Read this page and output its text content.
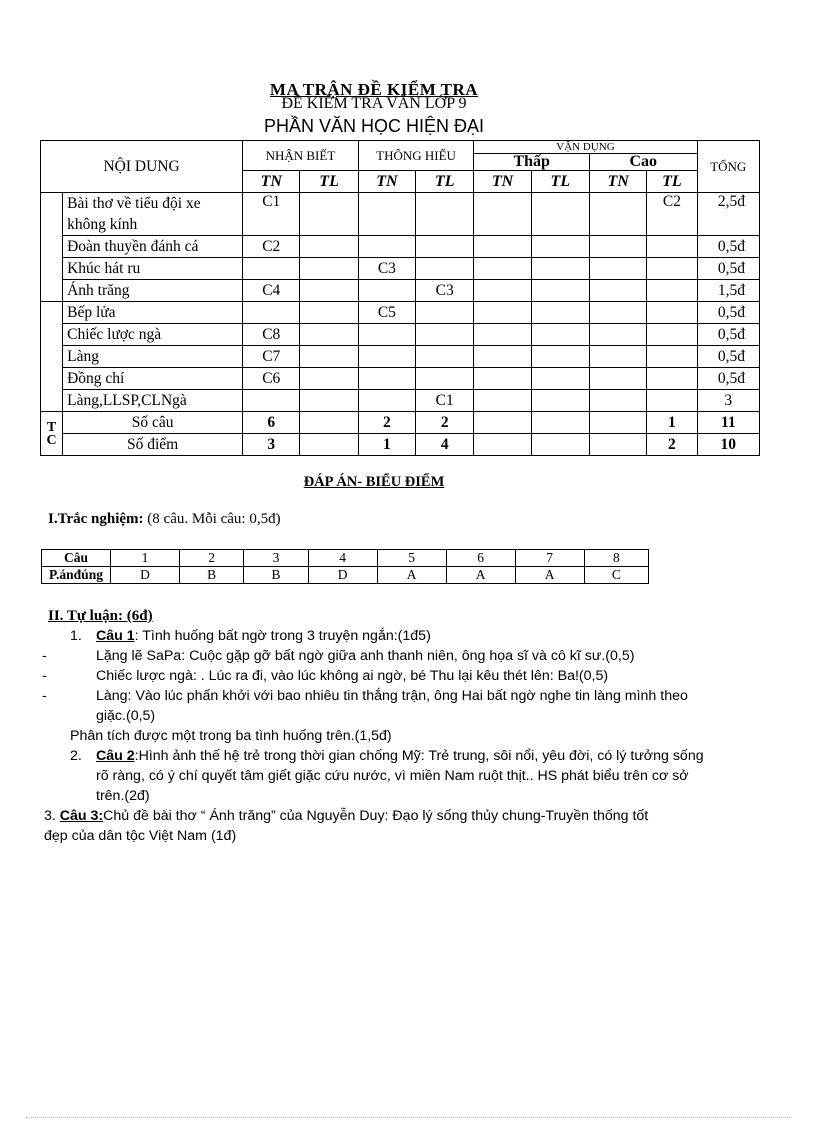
MA TRẬN ĐỀ KIỂM TRA
ĐỀ KIỂM TRA VĂN LỚP 9
PHẦN VĂN HỌC HIỆN ĐẠI
NỘI DUNG		NHẬN BIẾT		THÔNG HIỂU		VẬN DỤNG				TỔNG
						Thấp		Cao		
		TN	TL	TN	TL	TN	TL	TN	TL	
	Bài thơ về tiểu đội xe không kính	C1							C2	2,5đ
	Đoàn thuyền đánh cá	C2								0,5đ
	Khúc hát ru			C3						0,5đ
	Ánh trăng	C4			C3					1,5đ
	Bếp lửa			C5						0,5đ
	Chiếc lược ngà	C8								0,5đ
	Làng	C7								0,5đ
	Đồng chí	C6								0,5đ
	Làng,LLSP,CLNgà				C1					3
T
C	Số câu	6		2	2				1	11
	Số điểm	3		1	4				2	10
ĐÁP ÁN- BIỂU ĐIỂM
I.Trắc nghiệm: (8 câu. Mỗi câu: 0,5đ)
Câu	1	2	3	4	5	6	7	8
P.ánđúng	D	B	B	D	A	A	A	C
II. Tự luận: (6đ)
1. Câu 1: Tình huống bất ngờ trong 3 truyện ngắn:(1đ5)
-	Lặng lẽ SaPa: Cuộc gặp gỡ bất ngờ giữa anh thanh niên, ông họa sĩ và cô kĩ sư.(0,5)
-	Chiếc lược ngà: . Lúc ra đi, vào lúc không ai ngờ, bé Thu lại kêu thét lên: Ba!(0,5)
-	Làng: Vào lúc phấn khởi với bao nhiêu tin thắng trận, ông Hai bất ngờ nghe tin làng mình theo giặc.(0,5)
Phân tích được một trong ba tình huống trên.(1,5đ)
2. Câu 2:Hình ảnh thế hệ trẻ trong thời gian chống Mỹ: Trẻ trung, sôi nổi, yêu đời, có lý tưởng sống rõ ràng, có ý chí quyết tâm giết giặc cứu nước, vì miền Nam ruột thịt.. HS phát biểu trên cơ sở trên.(2đ)
3. Câu 3:Chủ đề bài thơ “ Ánh trăng” của Nguyễn Duy: Đạo lý sống thủy chung-Truyền thống tốt đẹp của dân tộc Việt Nam (1đ)
